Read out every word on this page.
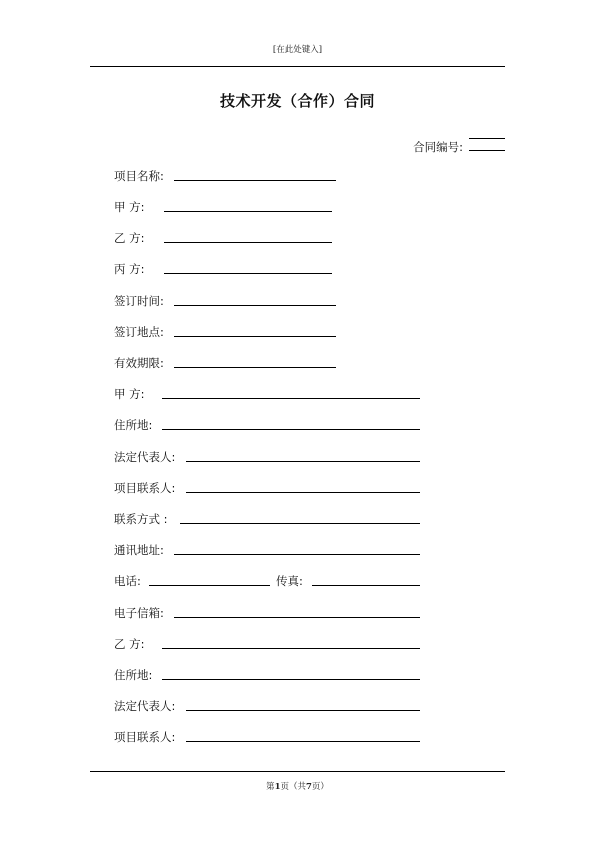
[在此处键入]
技术开发（合作）合同
合同编号:
项目名称:
甲 方:
乙 方:
丙 方:
签订时间:
签订地点:
有效期限:
甲 方:
住所地:
法定代表人:
项目联系人:
联系方式 :
通讯地址:
电话:	传真:
电子信箱:
乙 方:
住所地:
法定代表人:
项目联系人:
第1页（共7页）
